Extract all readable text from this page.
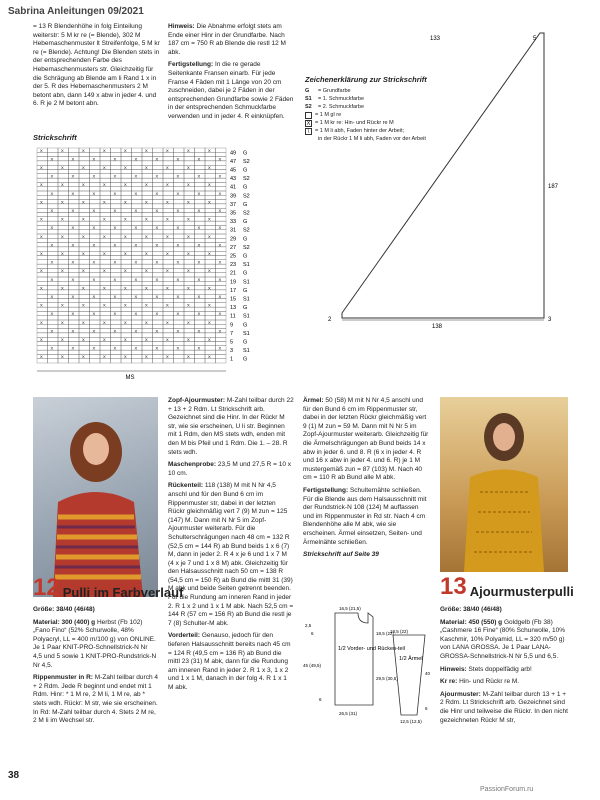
Sabrina Anleitungen 09/2021

= 13 R Blendenhöhe in folg Einteilung weiterstr: 5 M kr re (= Blende), 302 M Hebemaschenmuster lt Streifenfolge, 5 M kr re (= Blende). Achtung! Die Blenden stets in der entsprechenden Farbe des Hebemaschenmusters str. Gleichzeitig für die Schrägung ab Blende am li Rand 1 x in der 5. R des Hebemaschenmusters 2 M betont abn, dann 149 x abw in jeder 4. und 6. R je 2 M betont abn.

Hinweis: Die Abnahme erfolgt stets am Ende einer Hinr in der Grundfarbe. Nach 187 cm = 750 R ab Blende die restl 12 M abk.

Fertigstellung: In die re gerade Seitenkante Fransen einarb. Für jede Franse 4 Fäden mit 1 Länge von 20 cm zuschneiden, dabei je 2 Fäden in der entsprechenden Grundfarbe sowie 2 Fäden in der entsprechenden Schmuckfarbe verwenden und in jeder 4. R einknüpfen.

Strickschrift
X	X	X	X	X	X	X	X	X
X	X	X	X	X	X	X	X	X
X	X	X	X	X	X	X	X	X
X	X	X	X	X	X	X	X	X
X	X	X	X	X	X	X	X	X
X	X	X	X	X	X	X	X	X
X	X	X	X	X	X	X	X	X
X	X	X	X	X	X	X	X	X
X	X	X	X	X	X	X	X	X
X	X	X	X	X	X	X	X	X
X	X	X	X	X	X	X	X	X
X	X	X	X	X	X	X	X	X
X	X	X	X	X	X	X	X	X
X	X	X	X	X	X	X	X	X
X	X	X	X	X	X	X	X	X
X	X	X	X	X	X	X	X	X
X	X	X	X	X	X	X	X	X
X	X	X	X	X	X	X	X	X
X	X	X	X	X	X	X	X	X
X	X	X	X	X	X	X	X	X
X	X	X	X	X	X	X	X	X
X	X	X	X	X	X	X	X	X
X	X	X	X	X	X	X	X	X
X	X	X	X	X	X	X	X	X
X	X	X	X	X	X	X	X	X
49 G
47 S2
45 G
43 S2
41 G
39 S2
37 G
35 S2
33 G
31 S2
29 G
27 S2
25 G
23 S1
21 G
19 S1
17 G
15 S1
13 G
11 S1
9 G
7 S1
5 G
3 S1
1 G
MS
Zeichenerklärung zur Strickschrift
G	= Grundfarbe
S1	= 1. Schmuckfarbe
S2	= 2. Schmuckfarbe
= 1 M gl re
X = 1 M kr re: Hin- und Rückr re M
\	= 1 M li abh, Faden hinter der Arbeit;
in der Rückr 1 M li abh, Faden vor der Arbeit
133	5
187
138
2	3
12 Pulli im Farbverlauf

Größe: 38/40 (46/48)

Material: 300 (400) g Herbst (Fb 102) „Fano Fino“ (52% Schurwolle, 48% Polyacryl, LL = 400 m/100 g) von ONLINE. Je 1 Paar KNIT-PRO-Schnellstrick-N Nr 4,5 und 5 sowie 1 KNIT-PRO-Rundstrick-N Nr 4,5.

Rippenmuster in R: M-Zahl teilbar durch 4 + 2 Rdm. Jede R beginnt und endet mit 1 Rdm. Hinr: * 1 M re, 2 M li, 1 M re, ab * stets wdh. Rückr: M str, wie sie erscheinen. In Rd: M-Zahl teilbar durch 4. Stets 2 M re, 2 M li im Wechsel str.

Zopf-Ajourmuster: M-Zahl teilbar durch 22 + 13 + 2 Rdm. Lt Strickschrift arb. Gezeichnet sind die Hinr. In der Rückr M str, wie sie erscheinen, U li str. Beginnen mit 1 Rdm, den MS stets wdh, enden mit den M bis Pfeil und 1 Rdm. Die 1. – 28. R stets wdh.

Maschenprobe: 23,5 M und 27,5 R = 10 x 10 cm.

Rückenteil: 118 (138) M mit N Nr 4,5 anschl und für den Bund 6 cm im Rippenmuster str, dabei in der letzten Rückr gleichmäßig vert 7 (9) M zun = 125 (147) M. Dann mit N Nr 5 im Zopf-Ajourmuster weiterarb. Für die Schulterschrägungen nach 48 cm = 132 R (52,5 cm = 144 R) ab Bund beids 1 x 6 (7) M, dann in jeder 2. R 4 x je 6 und 1 x 7 M (4 x je 7 und 1 x 8 M) abk. Gleichzeitig für den Halsausschnitt nach 50 cm = 138 R (54,5 cm = 150 R) ab Bund die mittl 31 (39) M abk und beide Seiten getrennt beenden. Für die Rundung am inneren Rand in jeder 2. R 1 x 2 und 1 x 1 M abk. Nach 52,5 cm = 144 R (57 cm = 156 R) ab Bund die restl je 7 (8) Schulter-M abk.

Vorderteil: Genauso, jedoch für den tieferen Halsausschnitt bereits nach 45 cm = 124 R (49,5 cm = 136 R) ab Bund die mittl 23 (31) M abk, dann für die Rundung am inneren Rand in jeder 2. R 1 x 3, 1 x 2 und 1 x 1 M, danach in der folg 4. R 1 x 1 M abk.

Ärmel: 50 (58) M mit N Nr 4,5 anschl und für den Bund 6 cm im Rippenmuster str, dabei in der letzten Rückr gleichmäßig vert 9 (1) M zun = 59 M. Dann mit N Nr 5 im Zopf-Ajourmuster weiterarb. Gleichzeitig für die Ärmelschrägungen ab Bund beids 14 x abw in jeder 6. und 8. R (6 x in jeder 4. R und 16 x abw in jeder 4. und 6. R) je 1 M mustergemäß zun = 87 (103) M. Nach 40 cm = 110 R ab Bund alle M abk.

Fertigstellung: Schulternähte schließen. Für die Blende aus dem Halsausschnitt mit der Rundstrick-N 108 (124) M auffassen und im Rippenmuster in Rd str. Nach 4 cm Blendenhöhe alle M abk, wie sie erscheinen. Ärmel einsetzen, Seiten- und Ärmelnähte schließen.

Strickschrift auf Seite 39

1/2 Vorder- und Rücken-teil
2,5
6
16,5 (21,5)
18,5 (22)
29,5 (30,5)
45 (49,5)
6
26,5 (31)
1/2 Ärmel
18,5 (22)
40
6
12,5 (12,5)
13 Ajourmusterpulli

Größe: 38/40 (46/48)

Material: 450 (550) g Goldgelb (Fb 38) „Cashmere 16 Fine“ (80% Schurwolle, 10% Kaschmir, 10% Polyamid, LL = 320 m/50 g) von LANA GROSSA. Je 1 Paar LANA-GROSSA-Schnellstrick-N Nr 5,5 und 6,5.

Hinweis: Stets doppelfädig arb!

Kr re: Hin- und Rückr re M.

Ajourmuster: M-Zahl teilbar durch 13 + 1 + 2 Rdm. Lt Strickschrift arb. Gezeichnet sind die Hinr und teilweise die Rückr. In den nicht gezeichneten Rückr M str,

38
PassionForum.ru
